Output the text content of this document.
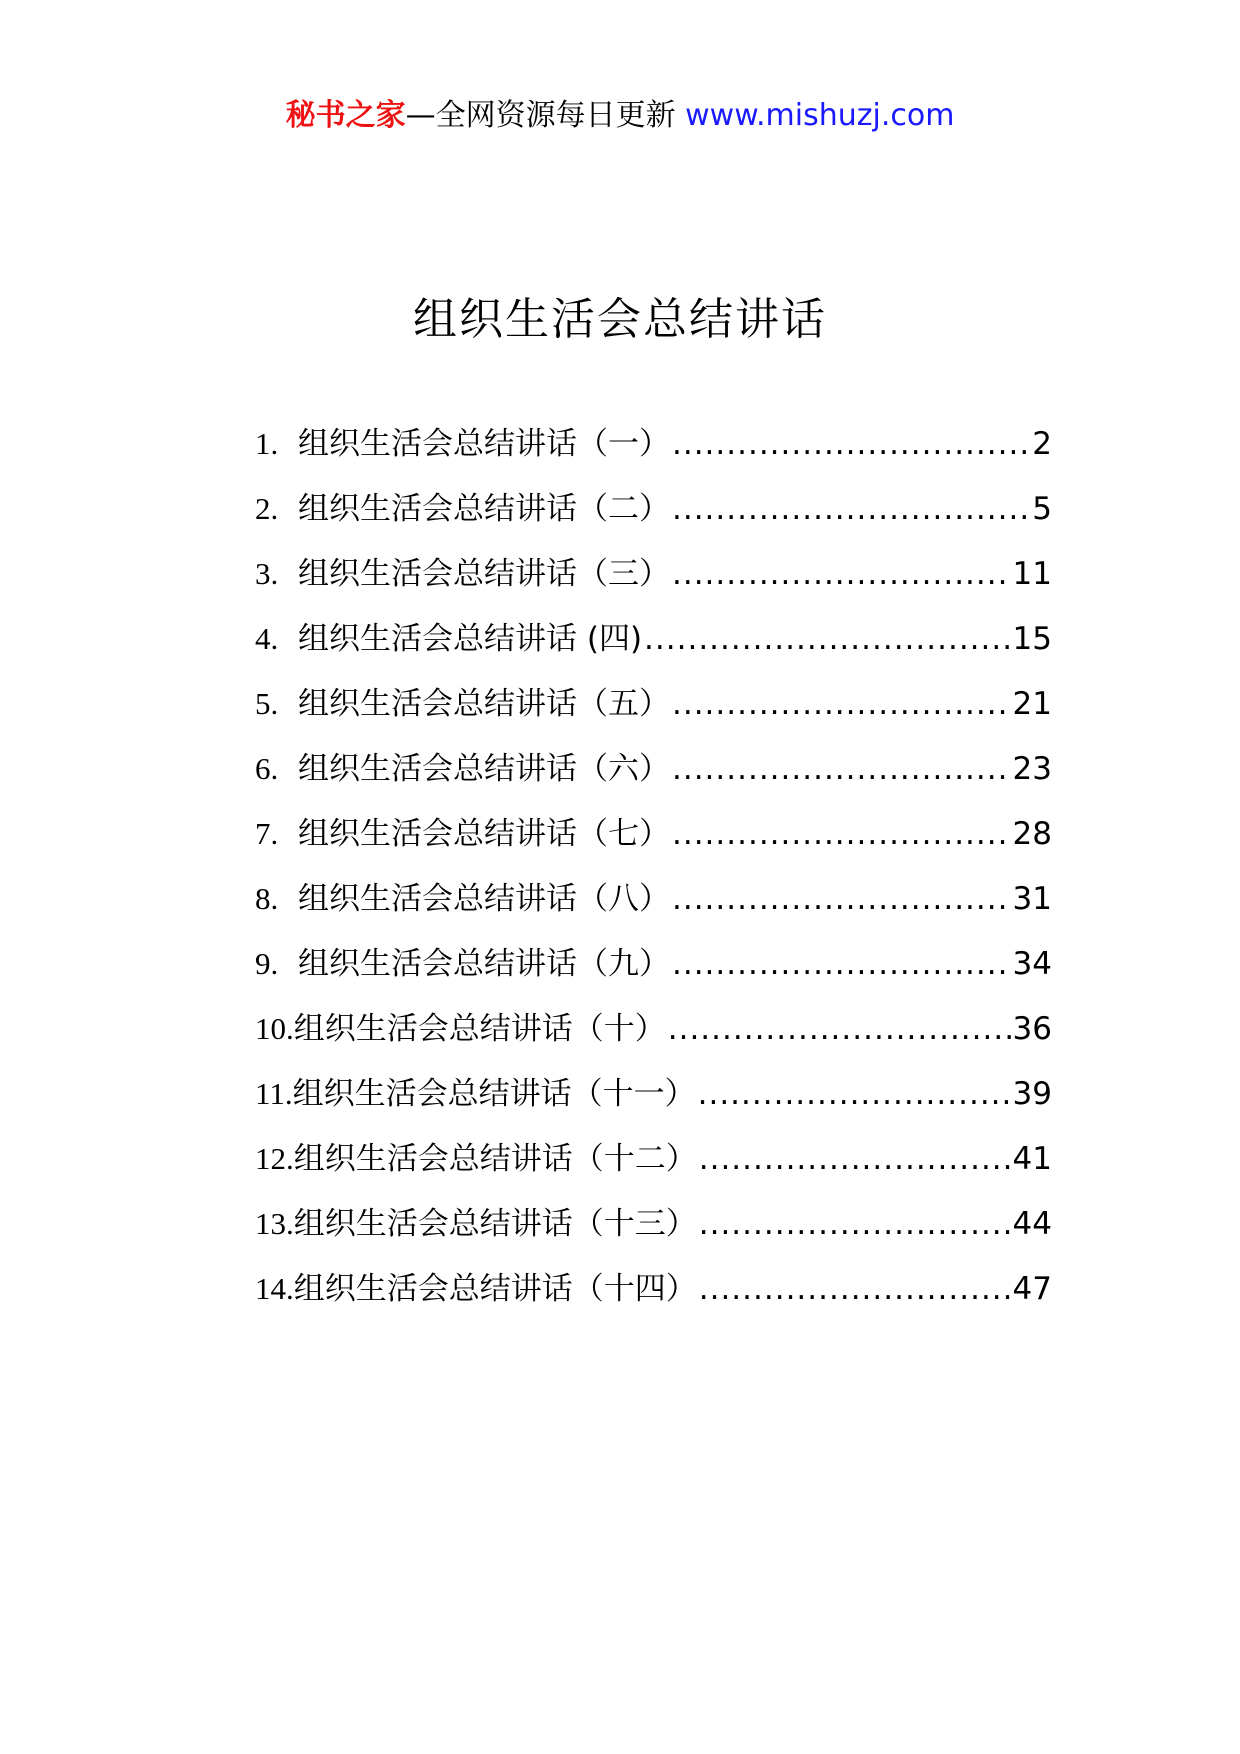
秘书之家—全网资源每日更新 www.mishuzj.com
组织生活会总结讲话
1. 组织生活会总结讲话（一） .....	2
2. 组织生活会总结讲话（二） .....	5
3. 组织生活会总结讲话（三） .....	11
4. 组织生活会总结讲话 (四) .....	15
5. 组织生活会总结讲话（五） .....	21
6. 组织生活会总结讲话（六） .....	23
7. 组织生活会总结讲话（七） .....	28
8. 组织生活会总结讲话（八） .....	31
9. 组织生活会总结讲话（九） .....	34
10. 组织生活会总结讲话（十） .....	36
11. 组织生活会总结讲话（十一） .....	39
12. 组织生活会总结讲话（十二） .....	41
13. 组织生活会总结讲话（十三） .....	44
14. 组织生活会总结讲话（十四） .....	47
